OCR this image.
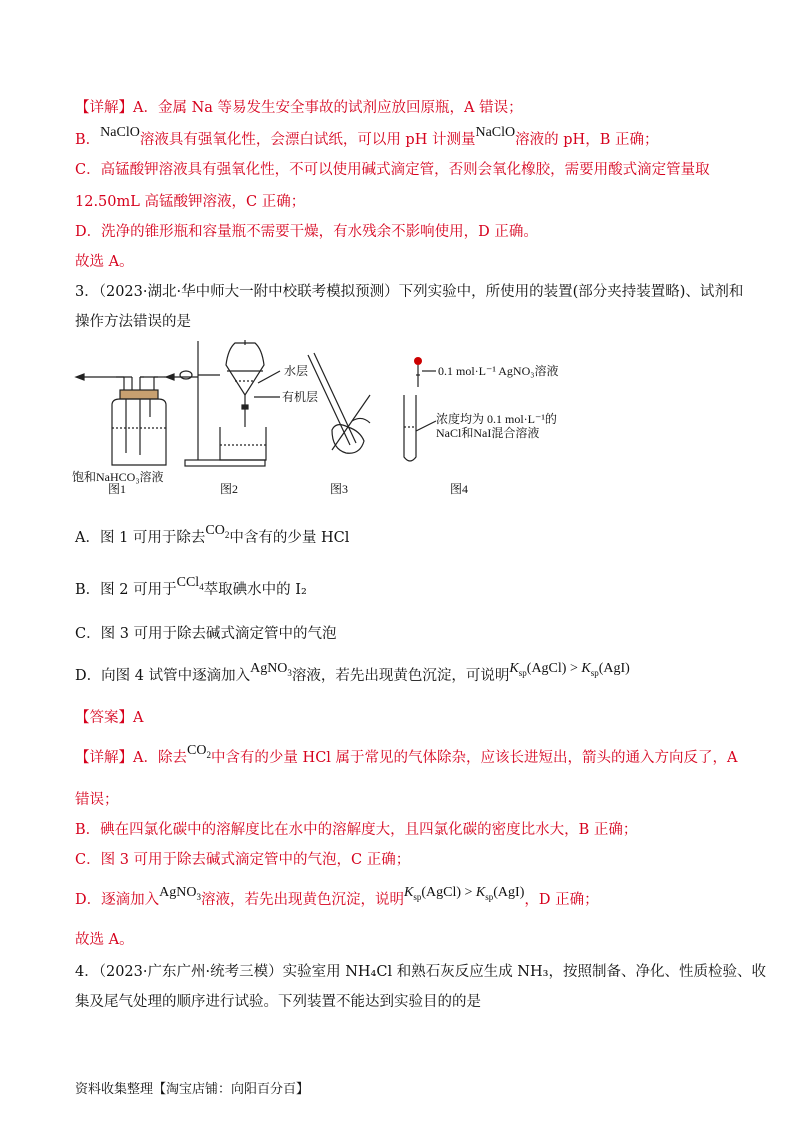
【详解】A．金属 Na 等易发生安全事故的试剂应放回原瓶，A 错误；
B．NaClO溶液具有强氧化性，会漂白试纸，可以用 pH 计测量NaClO溶液的 pH，B 正确；
C．高锰酸钾溶液具有强氧化性，不可以使用碱式滴定管，否则会氧化橡胶，需要用酸式滴定管量取
12.50mL 高锰酸钾溶液，C 正确；
D．洗净的锥形瓶和容量瓶不需要干燥，有水残余不影响使用，D 正确。
故选 A。
3．（2023·湖北·华中师大一附中校联考模拟预测）下列实验中，所使用的装置(部分夹持装置略)、试剂和
操作方法错误的是
饱和NaHCO₃溶液
水层
有机层
0.1 mol·L⁻¹ AgNO₃溶液
浓度均为 0.1 mol·L⁻¹的
NaCl和NaI混合溶液
图1	图2	图3	图4
A．图 1 可用于除去$CO_2$中含有的少量 HCl
B．图 2 可用于CCl$_4$萃取碘水中的 I₂
C．图 3 可用于除去碱式滴定管中的气泡
D．向图 4 试管中逐滴加入AgNO$_3$溶液，若先出现黄色沉淀，可说明$K_{sp}(AgCl) > K_{sp}(AgI)$
【答案】A
【详解】A．除去$CO_2$中含有的少量 HCl 属于常见的气体除杂，应该长进短出，箭头的通入方向反了，A
错误；
B．碘在四氯化碳中的溶解度比在水中的溶解度大，且四氯化碳的密度比水大，B 正确；
C．图 3 可用于除去碱式滴定管中的气泡，C 正确；
D．逐滴加入AgNO$_3$溶液，若先出现黄色沉淀，说明$K_{sp}(AgCl) > K_{sp}(AgI)$，D 正确；
故选 A。
4．（2023·广东广州·统考三模）实验室用 NH₄Cl 和熟石灰反应生成 NH₃，按照制备、净化、性质检验、收
集及尾气处理的顺序进行试验。下列装置不能达到实验目的的是
资料收集整理【淘宝店铺：向阳百分百】
